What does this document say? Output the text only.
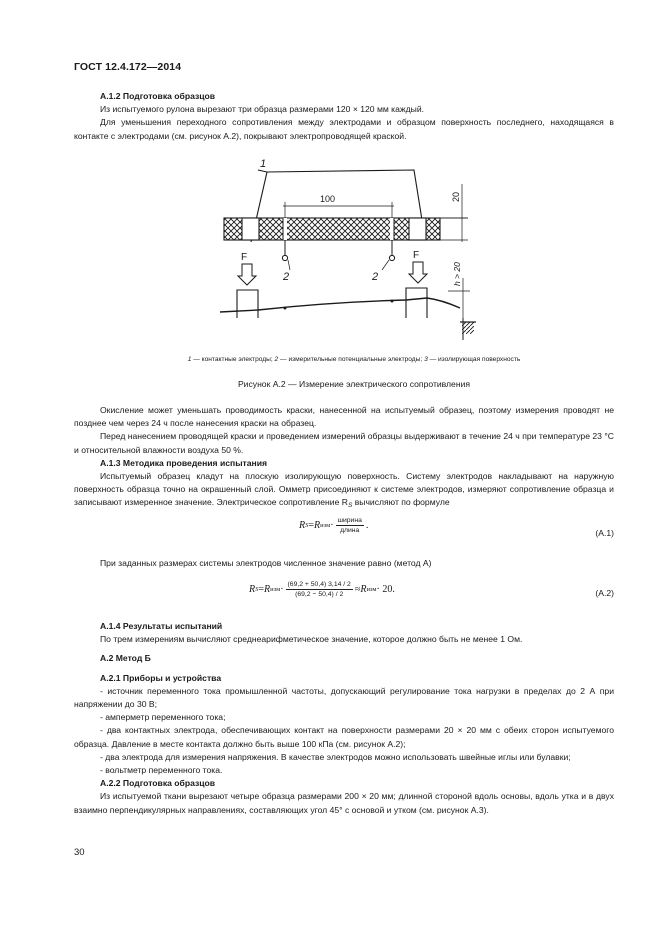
ГОСТ 12.4.172—2014
А.1.2 Подготовка образцов
Из испытуемого рулона вырезают три образца размерами 120 × 120 мм каждый.
Для уменьшения переходного сопротивления между электродами и образцом поверхность последнего, находящаяся в контакте с электродами (см. рисунок А.2), покрывают электропроводящей краской.
1
100	20
2	2
F	F
h > 20
1 — контактные электроды; 2 — измерительные потенциальные электроды; 3 — изолирующая поверхность
Рисунок А.2 — Измерение электрического сопротивления
Окисление может уменьшать проводимость краски, нанесенной на испытуемый образец, поэтому измерения проводят не позднее чем через 24 ч после нанесения краски на образец.
Перед нанесением проводящей краски и проведением измерений образцы выдерживают в течение 24 ч при температуре 23 °С и относительной влажности воздуха 50 %.
А.1.3 Методика проведения испытания
Испытуемый образец кладут на плоскую изолирующую поверхность. Систему электродов накладывают на наружную поверхность образца точно на окрашенный слой. Омметр присоединяют к системе электродов, измеряют сопротивление образца и записывают измеренное значение. Электрическое сопротивление $R_S$ вычисляют по формуле
R S = R изм · $\frac{\text{ширина}}{\text{длина}}$ .
(А.1)
При заданных размерах системы электродов численное значение равно (метод А)
R S = R изм · $\frac{(69,2 + 50,4) 3,14 / 2}{(69,2 - 50,4) / 2} \approx R$ изм · 20.	(А.2)
А.1.4 Результаты испытаний
По трем измерениям вычисляют среднеарифметическое значение, которое должно быть не менее 1 Ом.
А.2 Метод Б
А.2.1 Приборы и устройства
- источник переменного тока промышленной частоты, допускающий регулирование тока нагрузки в пределах до 2 А при напряжении до 30 В;
- амперметр переменного тока;
- два контактных электрода, обеспечивающих контакт на поверхности размерами 20 × 20 мм с обеих сторон испытуемого образца. Давление в месте контакта должно быть выше 100 кПа (см. рисунок А.2);
- два электрода для измерения напряжения. В качестве электродов можно использовать швейные иглы или булавки;
- вольтметр переменного тока.
А.2.2 Подготовка образцов
Из испытуемой ткани вырезают четыре образца размерами 200 × 20 мм; длинной стороной вдоль основы, вдоль утка и в двух взаимно перпендикулярных направлениях, составляющих угол 45° с основой и утком (см. рисунок А.3).
30
